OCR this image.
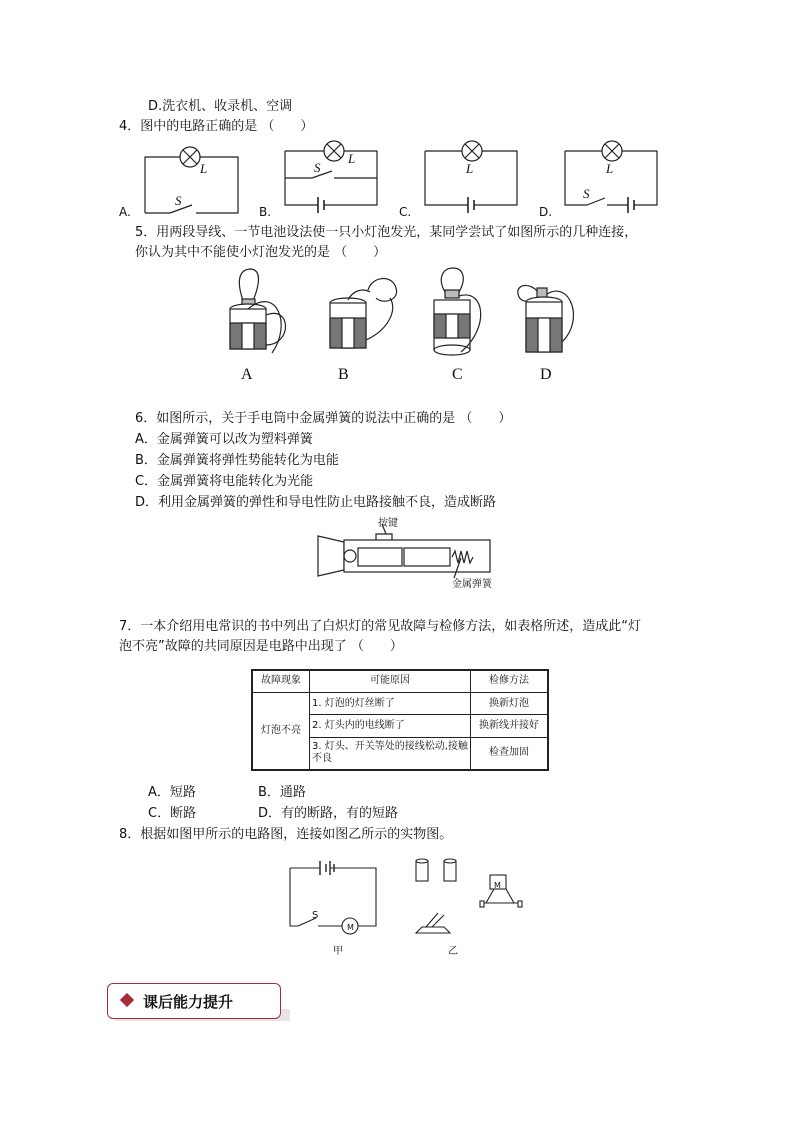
D.洗衣机、收录机、空调
4．图中的电路正确的是 （　　）
A.	B.	C.	D.
L
S
L
S	L	L
S
5．用两段导线、一节电池设法使一只小灯泡发光，某同学尝试了如图所示的几种连接，
你认为其中不能使小灯泡发光的是 （　　）
A	B	C	D
6．如图所示，关于手电筒中金属弹簧的说法中正确的是 （　　）
A．金属弹簧可以改为塑料弹簧
B．金属弹簧将弹性势能转化为电能
C．金属弹簧将电能转化为光能
D．利用金属弹簧的弹性和导电性防止电路接触不良，造成断路
按键
金属弹簧
7．一本介绍用电常识的书中列出了白炽灯的常见故障与检修方法，如表格所述，造成此“灯
泡不亮”故障的共同原因是电路中出现了 （　　）
故障现象	可能原因	检修方法
灯泡不亮	1. 灯泡的灯丝断了	换新灯泡
	2. 灯头内的电线断了	换新线并接好
	3. 灯头、开关等处的接线松动,接触不良	检查加固
A．短路	B．通路
C．断路	D．有的断路，有的短路
8．根据如图甲所示的电路图，连接如图乙所示的实物图。
S
M
甲
M
乙
课后能力提升
